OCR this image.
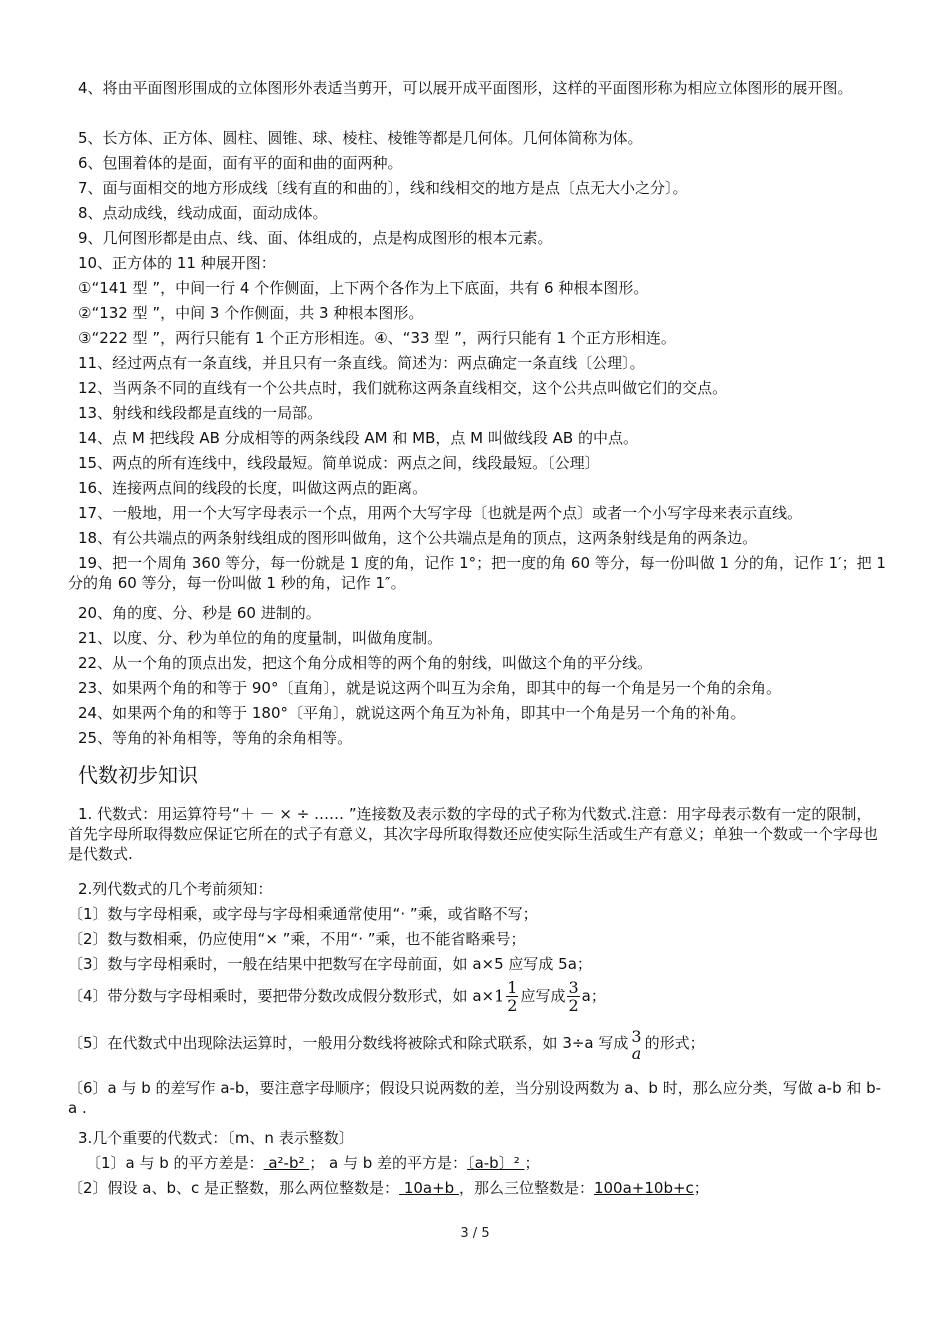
4、将由平面图形围成的立体图形外表适当剪开，可以展开成平面图形，这样的平面图形称为相应立体图形的展开图。
5、长方体、正方体、圆柱、圆锥、球、棱柱、棱锥等都是几何体。几何体简称为体。
6、包围着体的是面，面有平的面和曲的面两种。
7、面与面相交的地方形成线〔线有直的和曲的〕，线和线相交的地方是点〔点无大小之分〕。
8、点动成线，线动成面，面动成体。
9、几何图形都是由点、线、面、体组成的，点是构成图形的根本元素。
10、正方体的 11 种展开图：
①“141 型 ”，中间一行 4 个作侧面，上下两个各作为上下底面，共有 6 种根本图形。
②“132 型 ”，中间 3 个作侧面，共 3 种根本图形。
③“222 型 ”，两行只能有 1 个正方形相连。④、“33 型 ”，两行只能有 1 个正方形相连。
11、经过两点有一条直线，并且只有一条直线。简述为：两点确定一条直线〔公理〕。
12、当两条不同的直线有一个公共点时，我们就称这两条直线相交，这个公共点叫做它们的交点。
13、射线和线段都是直线的一局部。
14、点 M 把线段 AB 分成相等的两条线段 AM 和 MB，点 M 叫做线段 AB 的中点。
15、两点的所有连线中，线段最短。简单说成：两点之间，线段最短。〔公理〕
16、连接两点间的线段的长度，叫做这两点的距离。
17、一般地，用一个大写字母表示一个点，用两个大写字母〔也就是两个点〕或者一个小写字母来表示直线。
18、有公共端点的两条射线组成的图形叫做角，这个公共端点是角的顶点，这两条射线是角的两条边。
19、把一个周角 360 等分，每一份就是 1 度的角，记作 1°；把一度的角 60 等分，每一份叫做 1 分的角，记作 1′；把 1 分的角 60 等分，每一份叫做 1 秒的角，记作 1″。
20、角的度、分、秒是 60 进制的。
21、以度、分、秒为单位的角的度量制，叫做角度制。
22、从一个角的顶点出发，把这个角分成相等的两个角的射线，叫做这个角的平分线。
23、如果两个角的和等于 90°〔直角〕，就是说这两个叫互为余角，即其中的每一个角是另一个角的余角。
24、如果两个角的和等于 180°〔平角〕，就说这两个角互为补角，即其中一个角是另一个角的补角。
25、等角的补角相等，等角的余角相等。
代数初步知识
1. 代数式：用运算符号“＋ － × ÷ …… ”连接数及表示数的字母的式子称为代数式.注意：用字母表示数有一定的限制，首先字母所取得数应保证它所在的式子有意义，其次字母所取得数还应使实际生活或生产有意义；单独一个数或一个字母也是代数式.
2.列代数式的几个考前须知：
〔1〕数与字母相乘，或字母与字母相乘通常使用“· ”乘，或省略不写；
〔2〕数与数相乘，仍应使用“× ”乘，不用“· ”乘，也不能省略乘号；
〔3〕数与字母相乘时，一般在结果中把数写在字母前面，如 a×5 应写成 5a；
〔4〕带分数与字母相乘时，要把带分数改成假分数形式，如 $a\times 1 \frac{1}{2}$ 应写成 $\frac{3}{2}$ a；
〔5〕在代数式中出现除法运算时，一般用分数线将被除式和除式联系，如 3÷a 写成 3
a
的形式；
〔6〕a 与 b 的差写作 a-b，要注意字母顺序；假设只说两数的差，当分别设两数为 a、b 时，那么应分类，写做 a-b 和 b-a .
3.几个重要的代数式：〔m、n 表示整数〕
〔1〕a 与 b 的平方差是： a²-b² ； a 与 b 差的平方是：〔a-b〕² ；
〔2〕假设 a、b、c 是正整数，那么两位整数是： 10a+b ，那么三位整数是：100a+10b+c；
3 / 5
